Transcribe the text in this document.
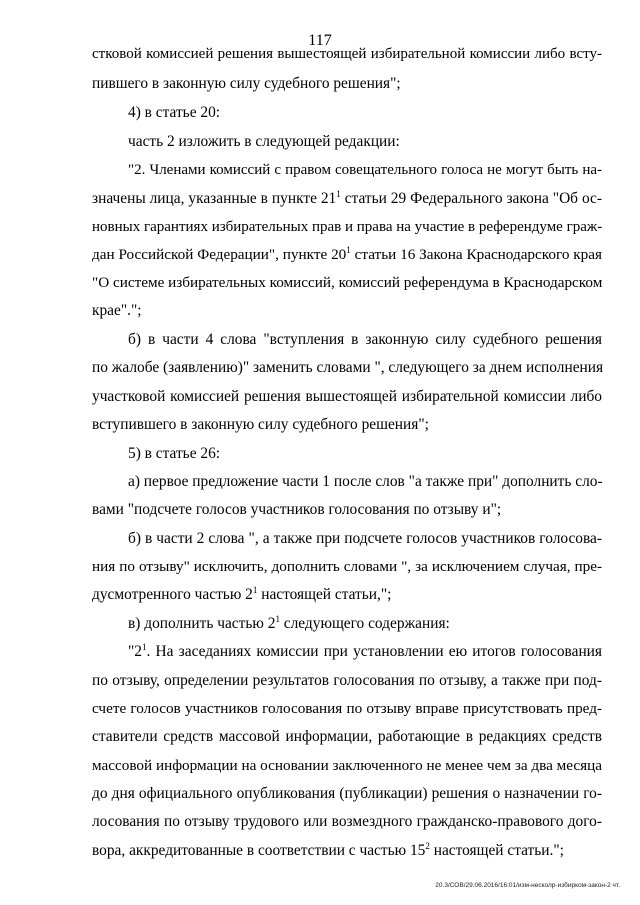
117
стковой комиссией решения вышестоящей избирательной комиссии либо всту-
пившего в законную силу судебного решения";
4) в статье 20:
часть 2 изложить в следующей редакции:
"2. Членами комиссий с правом совещательного голоса не могут быть на-
значены лица, указанные в пункте $21^1$ статьи 29 Федерального закона "Об ос-
новных гарантиях избирательных прав и права на участие в референдуме граж-
дан Российской Федерации", пункте $20^1$ статьи 16 Закона Краснодарского края
"О системе избирательных комиссий, комиссий референдума в Краснодарском
крае".";
б) в части 4 слова "вступления в законную силу судебного решения
по жалобе (заявлению)" заменить словами ", следующего за днем исполнения
участковой комиссией решения вышестоящей избирательной комиссии либо
вступившего в законную силу судебного решения";
5) в статье 26:
а) первое предложение части 1 после слов "а также при" дополнить сло-
вами "подсчете голосов участников голосования по отзыву и";
б) в части 2 слова ", а также при подсчете голосов участников голосова-
ния по отзыву" исключить, дополнить словами ", за исключением случая, пре-
дусмотренного частью $2^1$ настоящей статьи,";
в) дополнить частью $2^1$ следующего содержания:
"$2^1$. На заседаниях комиссии при установлении ею итогов голосования
по отзыву, определении результатов голосования по отзыву, а также при под-
счете голосов участников голосования по отзыву вправе присутствовать пред-
ставители средств массовой информации, работающие в редакциях средств
массовой информации на основании заключенного не менее чем за два месяца
до дня официального опубликования (публикации) решения о назначении го-
лосования по отзыву трудового или возмездного гражданско-правового дого-
вора, аккредитованные в соответствии с частью $15^2$ настоящей статьи.";
20.3/СОВ/29.06.2016/16:01/изм-несколр-избирком-закон-2 чт.
